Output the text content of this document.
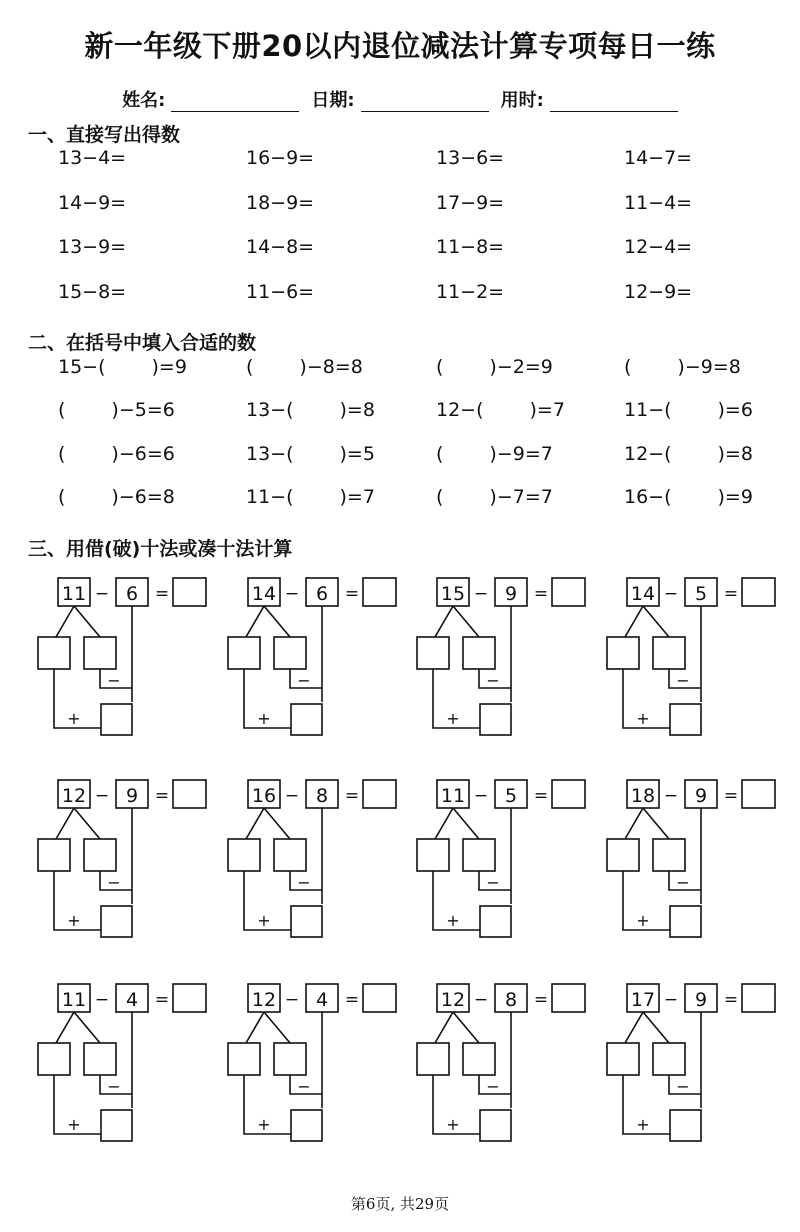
新一年级下册20以内退位减法计算专项每日一练
姓名:	日期:	用时:
一、直接写出得数
13−4=	16−9=	13−6=	14−7=
14−9=	18−9=	17−9=	11−4=
13−9=	14−8=	11−8=	12−4=
15−8=	11−6=	11−2=	12−9=
二、在括号中填入合适的数
15−( )=9	( )−8=8	( )−2=9	( )−9=8
( )−5=6	13−( )=8	12−( )=7	11−( )=6
( )−6=6	13−( )=5	( )−9=7	12−( )=8
( )−6=8	11−( )=7	( )−7=7	16−( )=9
三、用借(破)十法或凑十法计算
11 − 6 =
−
+
14 − 6 =
−
+
15 − 9 =
−
+
14 − 5 =
−
+
12 − 9 =
−
+
16 − 8 =
−
+
11 − 5 =
−
+
18 − 9 =
−
+
11 − 4 =
−
+
12 − 4 =
−
+
12 − 8 =
−
+
17 − 9 =
−
+
第6页, 共29页
